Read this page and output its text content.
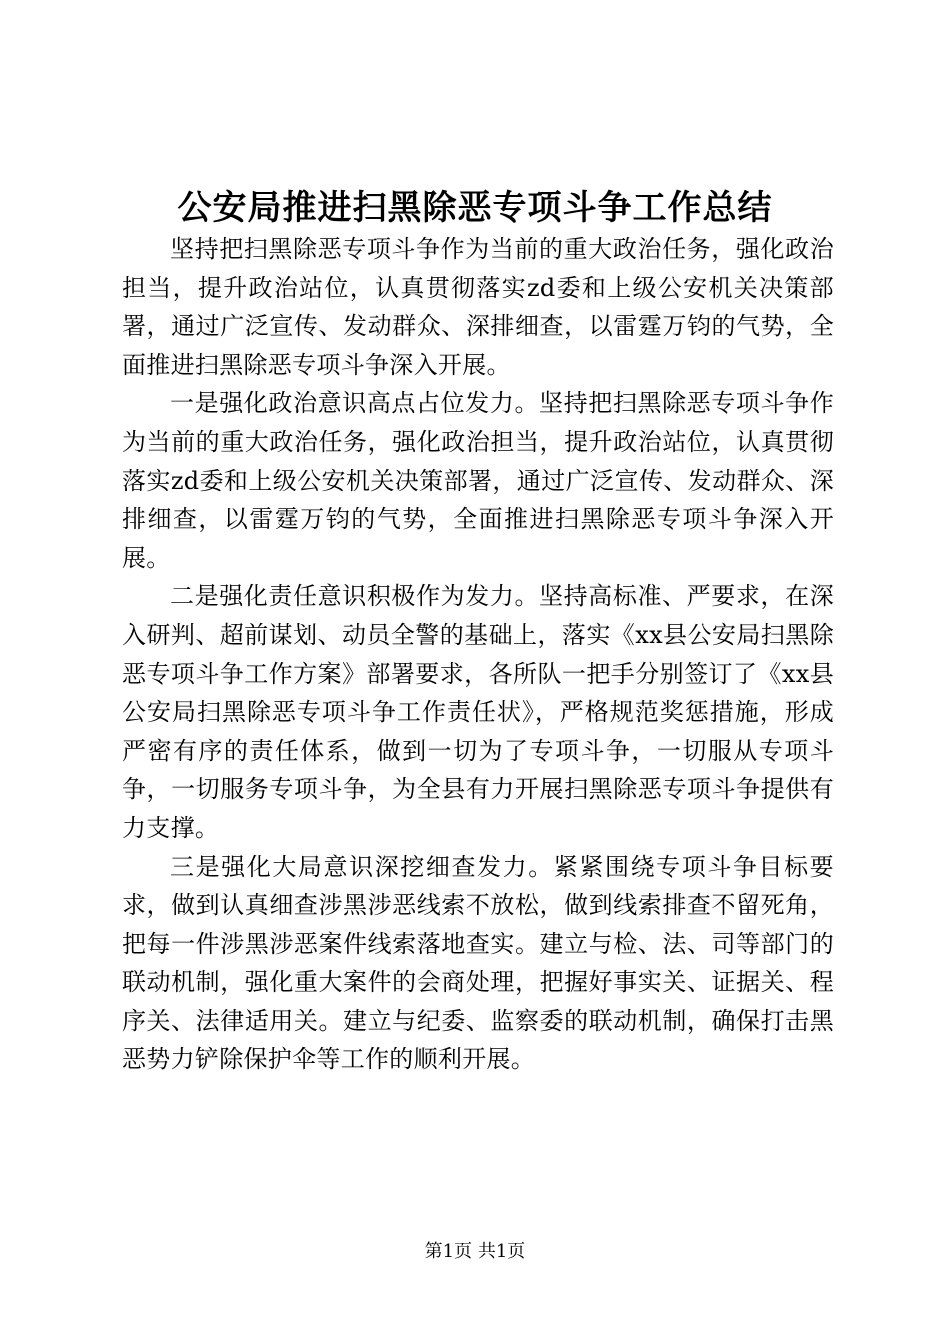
公安局推进扫黑除恶专项斗争工作总结

坚持把扫黑除恶专项斗争作为当前的重大政治任务，强化政治担当，提升政治站位，认真贯彻落实zd委和上级公安机关决策部署，通过广泛宣传、发动群众、深排细查，以雷霆万钧的气势，全面推进扫黑除恶专项斗争深入开展。

一是强化政治意识高点占位发力。坚持把扫黑除恶专项斗争作为当前的重大政治任务，强化政治担当，提升政治站位，认真贯彻落实zd委和上级公安机关决策部署，通过广泛宣传、发动群众、深排细查，以雷霆万钧的气势，全面推进扫黑除恶专项斗争深入开展。

二是强化责任意识积极作为发力。坚持高标准、严要求，在深入研判、超前谋划、动员全警的基础上，落实《xx县公安局扫黑除恶专项斗争工作方案》部署要求，各所队一把手分别签订了《xx县公安局扫黑除恶专项斗争工作责任状》，严格规范奖惩措施，形成严密有序的责任体系，做到一切为了专项斗争，一切服从专项斗争，一切服务专项斗争，为全县有力开展扫黑除恶专项斗争提供有力支撑。

三是强化大局意识深挖细查发力。紧紧围绕专项斗争目标要求，做到认真细查涉黑涉恶线索不放松，做到线索排查不留死角，把每一件涉黑涉恶案件线索落地查实。建立与检、法、司等部门的联动机制，强化重大案件的会商处理，把握好事实关、证据关、程序关、法律适用关。建立与纪委、监察委的联动机制，确保打击黑恶势力铲除保护伞等工作的顺利开展。

第1页 共1页
